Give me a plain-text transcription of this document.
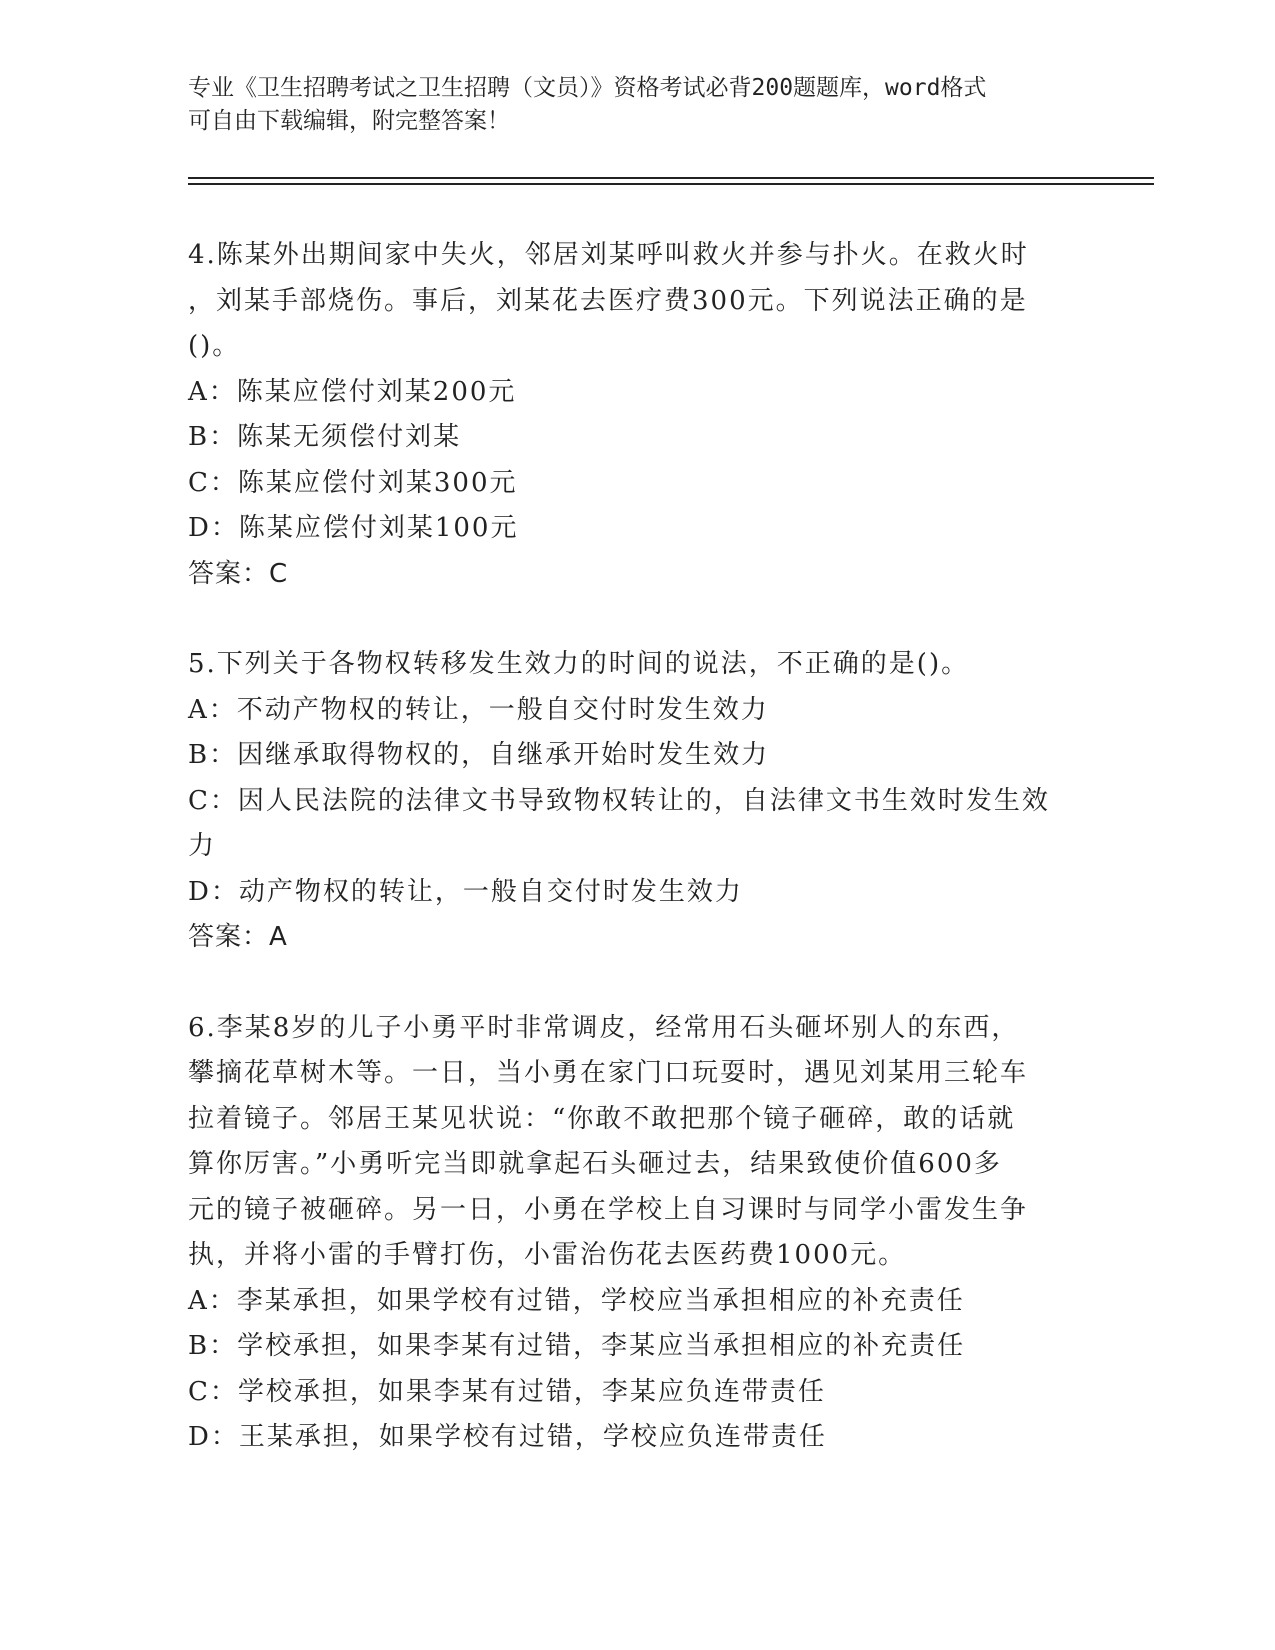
专业《卫生招聘考试之卫生招聘（文员）》资格考试必背200题题库，word格式
可自由下载编辑，附完整答案！

4.陈某外出期间家中失火，邻居刘某呼叫救火并参与扑火。在救火时

，刘某手部烧伤。事后，刘某花去医疗费300元。下列说法正确的是

()。

A：陈某应偿付刘某200元

B：陈某无须偿付刘某

C：陈某应偿付刘某300元

D：陈某应偿付刘某100元

答案：C

5.下列关于各物权转移发生效力的时间的说法，不正确的是()。

A：不动产物权的转让，一般自交付时发生效力

B：因继承取得物权的，自继承开始时发生效力

C：因人民法院的法律文书导致物权转让的，自法律文书生效时发生效

力

D：动产物权的转让，一般自交付时发生效力

答案：A

6.李某8岁的儿子小勇平时非常调皮，经常用石头砸坏别人的东西，

攀摘花草树木等。一日，当小勇在家门口玩耍时，遇见刘某用三轮车

拉着镜子。邻居王某见状说：“你敢不敢把那个镜子砸碎，敢的话就

算你厉害。”小勇听完当即就拿起石头砸过去，结果致使价值600多

元的镜子被砸碎。另一日，小勇在学校上自习课时与同学小雷发生争

执，并将小雷的手臂打伤，小雷治伤花去医药费1000元。

A：李某承担，如果学校有过错，学校应当承担相应的补充责任

B：学校承担，如果李某有过错，李某应当承担相应的补充责任

C：学校承担，如果李某有过错，李某应负连带责任

D：王某承担，如果学校有过错，学校应负连带责任
